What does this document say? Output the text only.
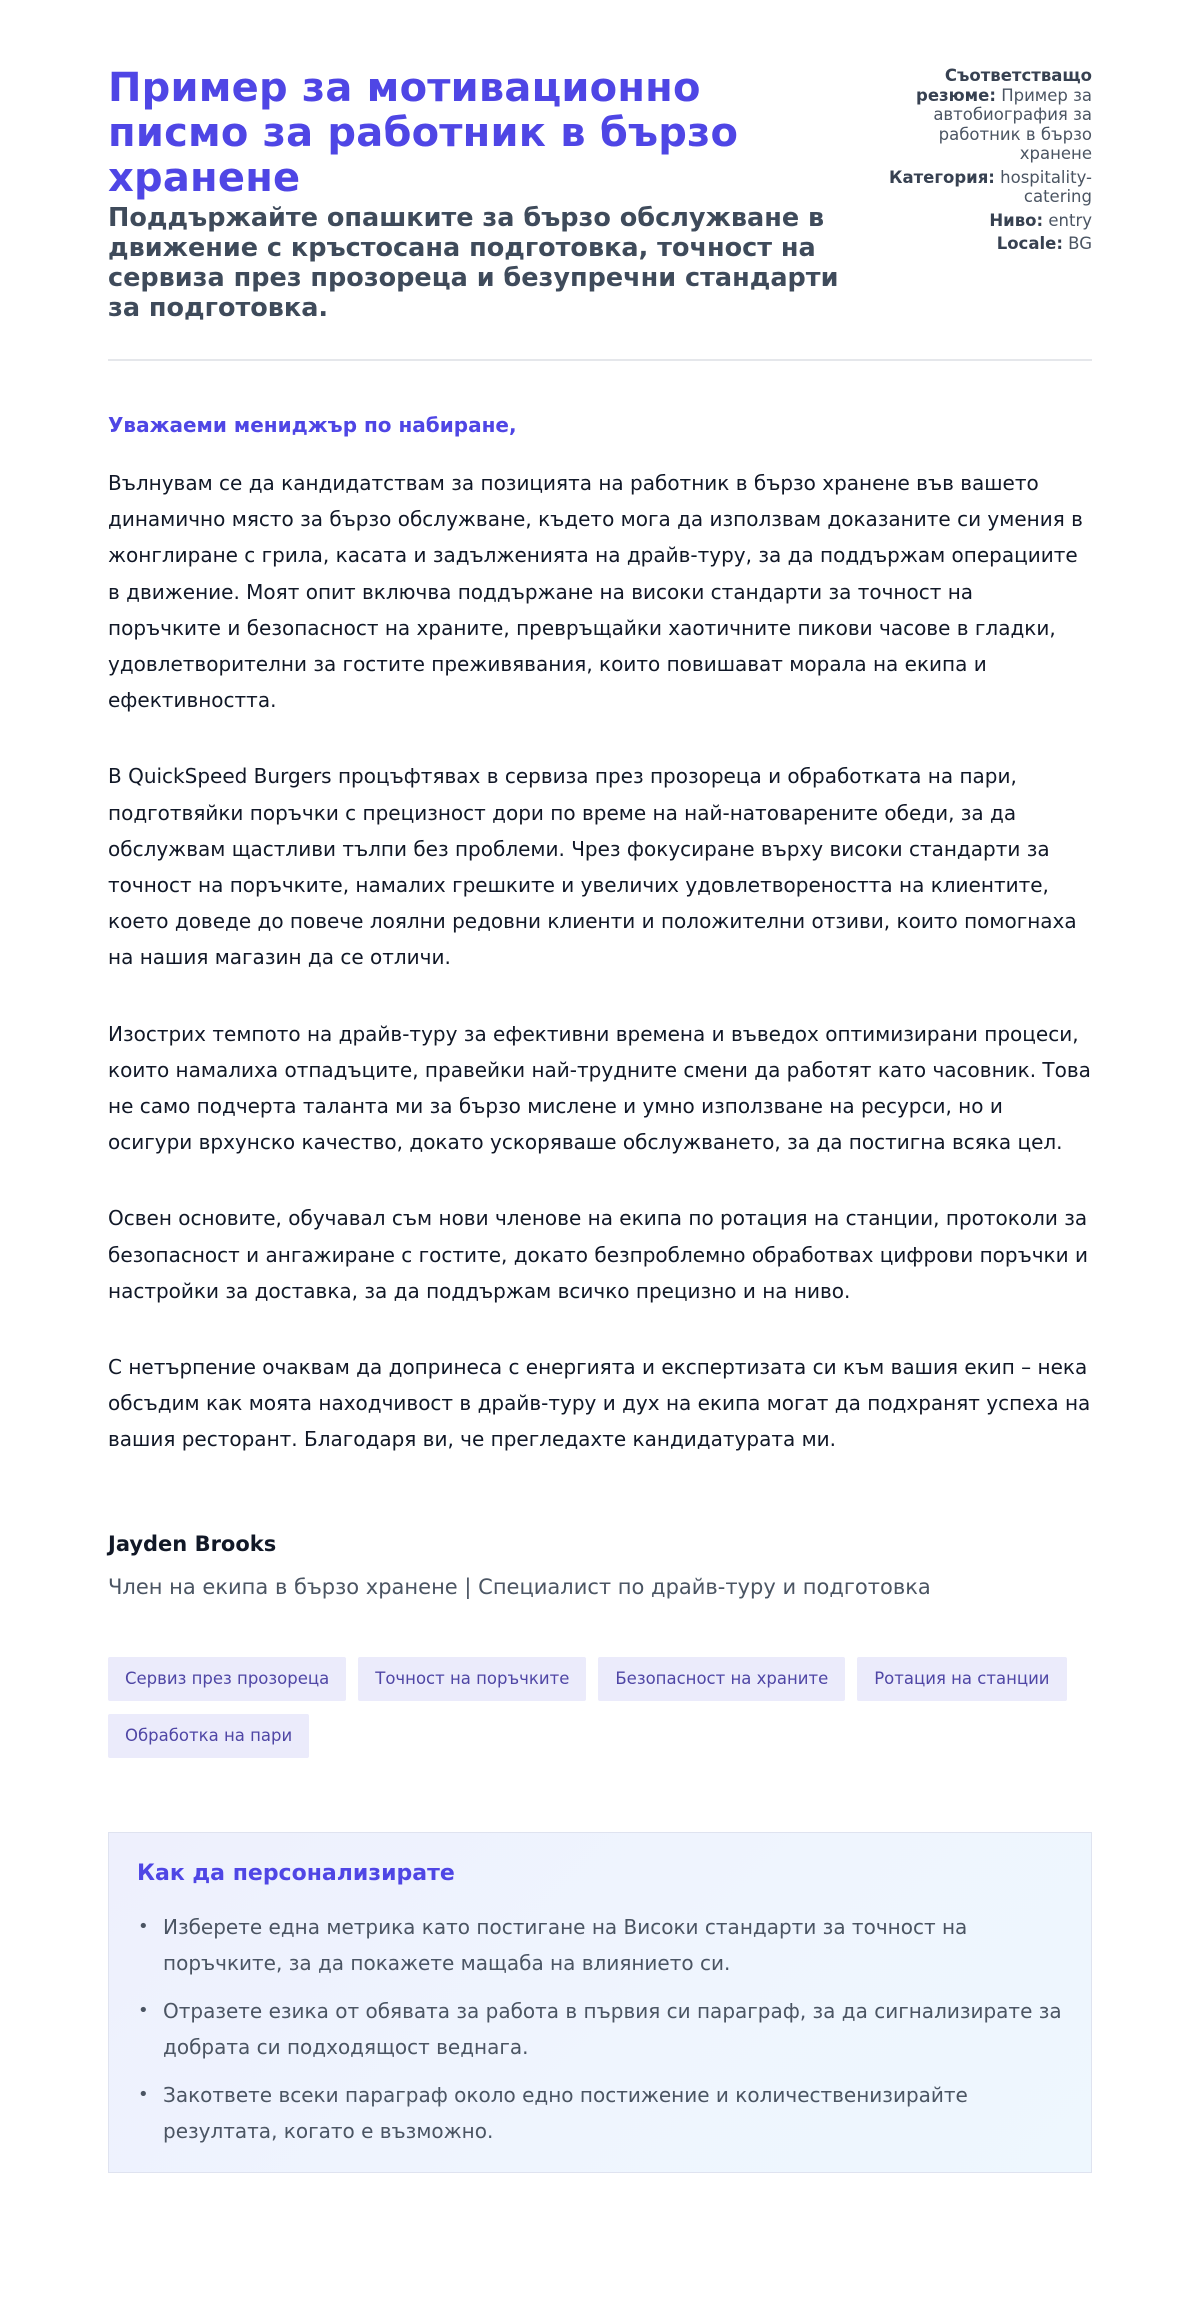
Пример за мотивационно писмо за работник в бързо хранене
Поддържайте опашките за бързо обслужване в движение с кръстосана подготовка, точност на сервиза през прозореца и безупречни стандарти за подготовка.
Съответстващо резюме: Пример за автобиография за работник в бързо хранене
Категория: hospitality-catering
Ниво: entry
Locale: BG

Уважаеми мениджър по набиране,

Вълнувам се да кандидатствам за позицията на работник в бързо хранене във вашето динамично място за бързо обслужване, където мога да използвам доказаните си умения в жонглиране с грила, касата и задълженията на драйв-туру, за да поддържам операциите в движение. Моят опит включва поддържане на високи стандарти за точност на поръчките и безопасност на храните, превръщайки хаотичните пикови часове в гладки, удовлетворителни за гостите преживявания, които повишават морала на екипа и ефективността.

В QuickSpeed Burgers процъфтявах в сервиза през прозореца и обработката на пари, подготвяйки поръчки с прецизност дори по време на най-натоварените обеди, за да обслужвам щастливи тълпи без проблеми. Чрез фокусиране върху високи стандарти за точност на поръчките, намалих грешките и увеличих удовлетвореността на клиентите, което доведе до повече лоялни редовни клиенти и положителни отзиви, които помогнаха на нашия магазин да се отличи.

Изострих темпото на драйв-туру за ефективни времена и въведох оптимизирани процеси, които намалиха отпадъците, правейки най-трудните смени да работят като часовник. Това не само подчерта таланта ми за бързо мислене и умно използване на ресурси, но и осигури врхунско качество, докато ускоряваше обслужването, за да постигна всяка цел.

Освен основите, обучавал съм нови членове на екипа по ротация на станции, протоколи за безопасност и ангажиране с гостите, докато безпроблемно обработвах цифрови поръчки и настройки за доставка, за да поддържам всичко прецизно и на ниво.

С нетърпение очаквам да допринеса с енергията и експертизата си към вашия екип – нека обсъдим как моята находчивост в драйв-туру и дух на екипа могат да подхранят успеха на вашия ресторант. Благодаря ви, че прегледахте кандидатурата ми.

Jayden Brooks
Член на екипа в бързо хранене | Специалист по драйв-туру и подготовка
Сервиз през прозореца	Точност на поръчките	Безопасност на храните	Ротация на станции
Обработка на пари
Как да персонализирате
• Изберете една метрика като постигане на Високи стандарти за точност на поръчките, за да покажете мащаба на влиянието си.
• Отразете езика от обявата за работа в първия си параграф, за да сигнализирате за добрата си подходящост веднага.
• Закответе всеки параграф около едно постижение и количественизирайте резултата, когато е възможно.
